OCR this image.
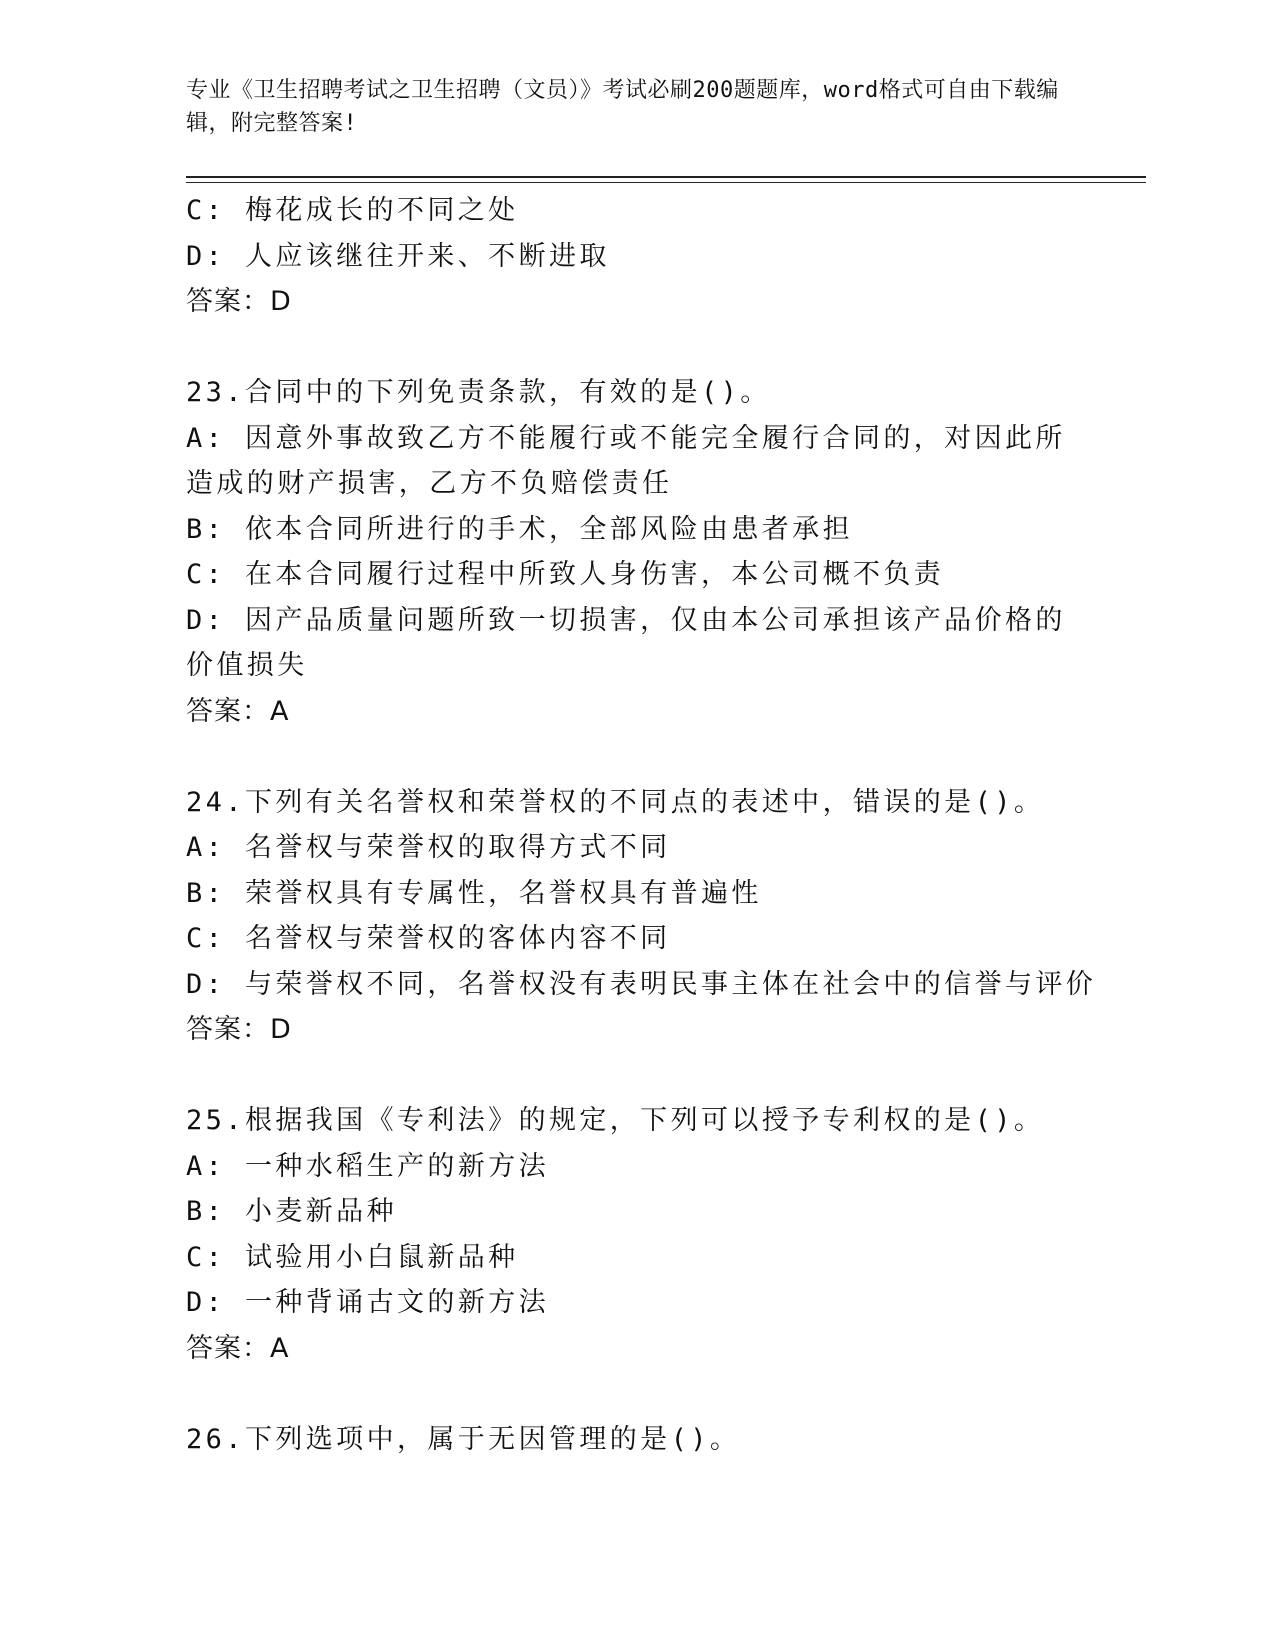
专业《卫生招聘考试之卫生招聘（文员）》考试必刷200题题库，word格式可自由下载编辑，附完整答案!
C: 梅花成长的不同之处
D: 人应该继往开来、不断进取
答案：D
23.合同中的下列免责条款，有效的是()。
A: 因意外事故致乙方不能履行或不能完全履行合同的，对因此所造成的财产损害，乙方不负赔偿责任
B: 依本合同所进行的手术，全部风险由患者承担
C: 在本合同履行过程中所致人身伤害，本公司概不负责
D: 因产品质量问题所致一切损害，仅由本公司承担该产品价格的价值损失
答案：A
24.下列有关名誉权和荣誉权的不同点的表述中，错误的是()。
A: 名誉权与荣誉权的取得方式不同
B: 荣誉权具有专属性，名誉权具有普遍性
C: 名誉权与荣誉权的客体内容不同
D: 与荣誉权不同，名誉权没有表明民事主体在社会中的信誉与评价
答案：D
25.根据我国《专利法》的规定，下列可以授予专利权的是()。
A: 一种水稻生产的新方法
B: 小麦新品种
C: 试验用小白鼠新品种
D: 一种背诵古文的新方法
答案：A
26.下列选项中，属于无因管理的是()。
